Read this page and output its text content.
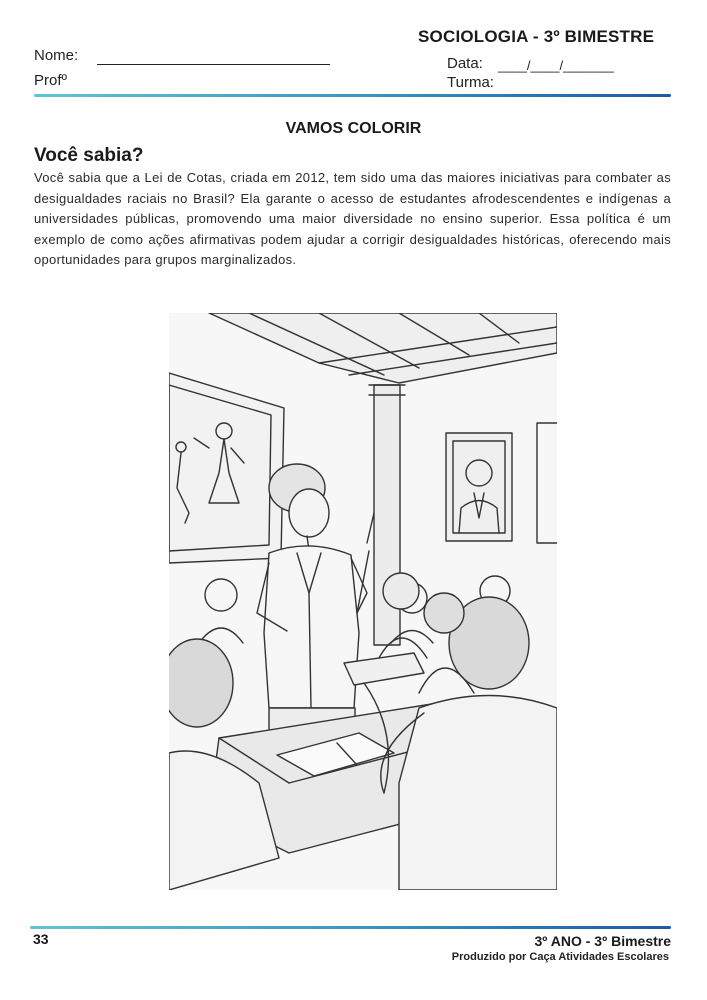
SOCIOLOGIA - 3º BIMESTRE
Nome:
Profº
Data: ____/____/_______
Turma:
VAMOS COLORIR
Você sabia?
Você sabia que a Lei de Cotas, criada em 2012, tem sido uma das maiores iniciativas para combater as desigualdades raciais no Brasil? Ela garante o acesso de estudantes afrodescendentes e indígenas a universidades públicas, promovendo uma maior diversidade no ensino superior. Essa política é um exemplo de como ações afirmativas podem ajudar a corrigir desigualdades históricas, oferecendo mais oportunidades para grupos marginalizados.
33	3º ANO - 3º Bimestre
Produzido por Caça Atividades Escolares
